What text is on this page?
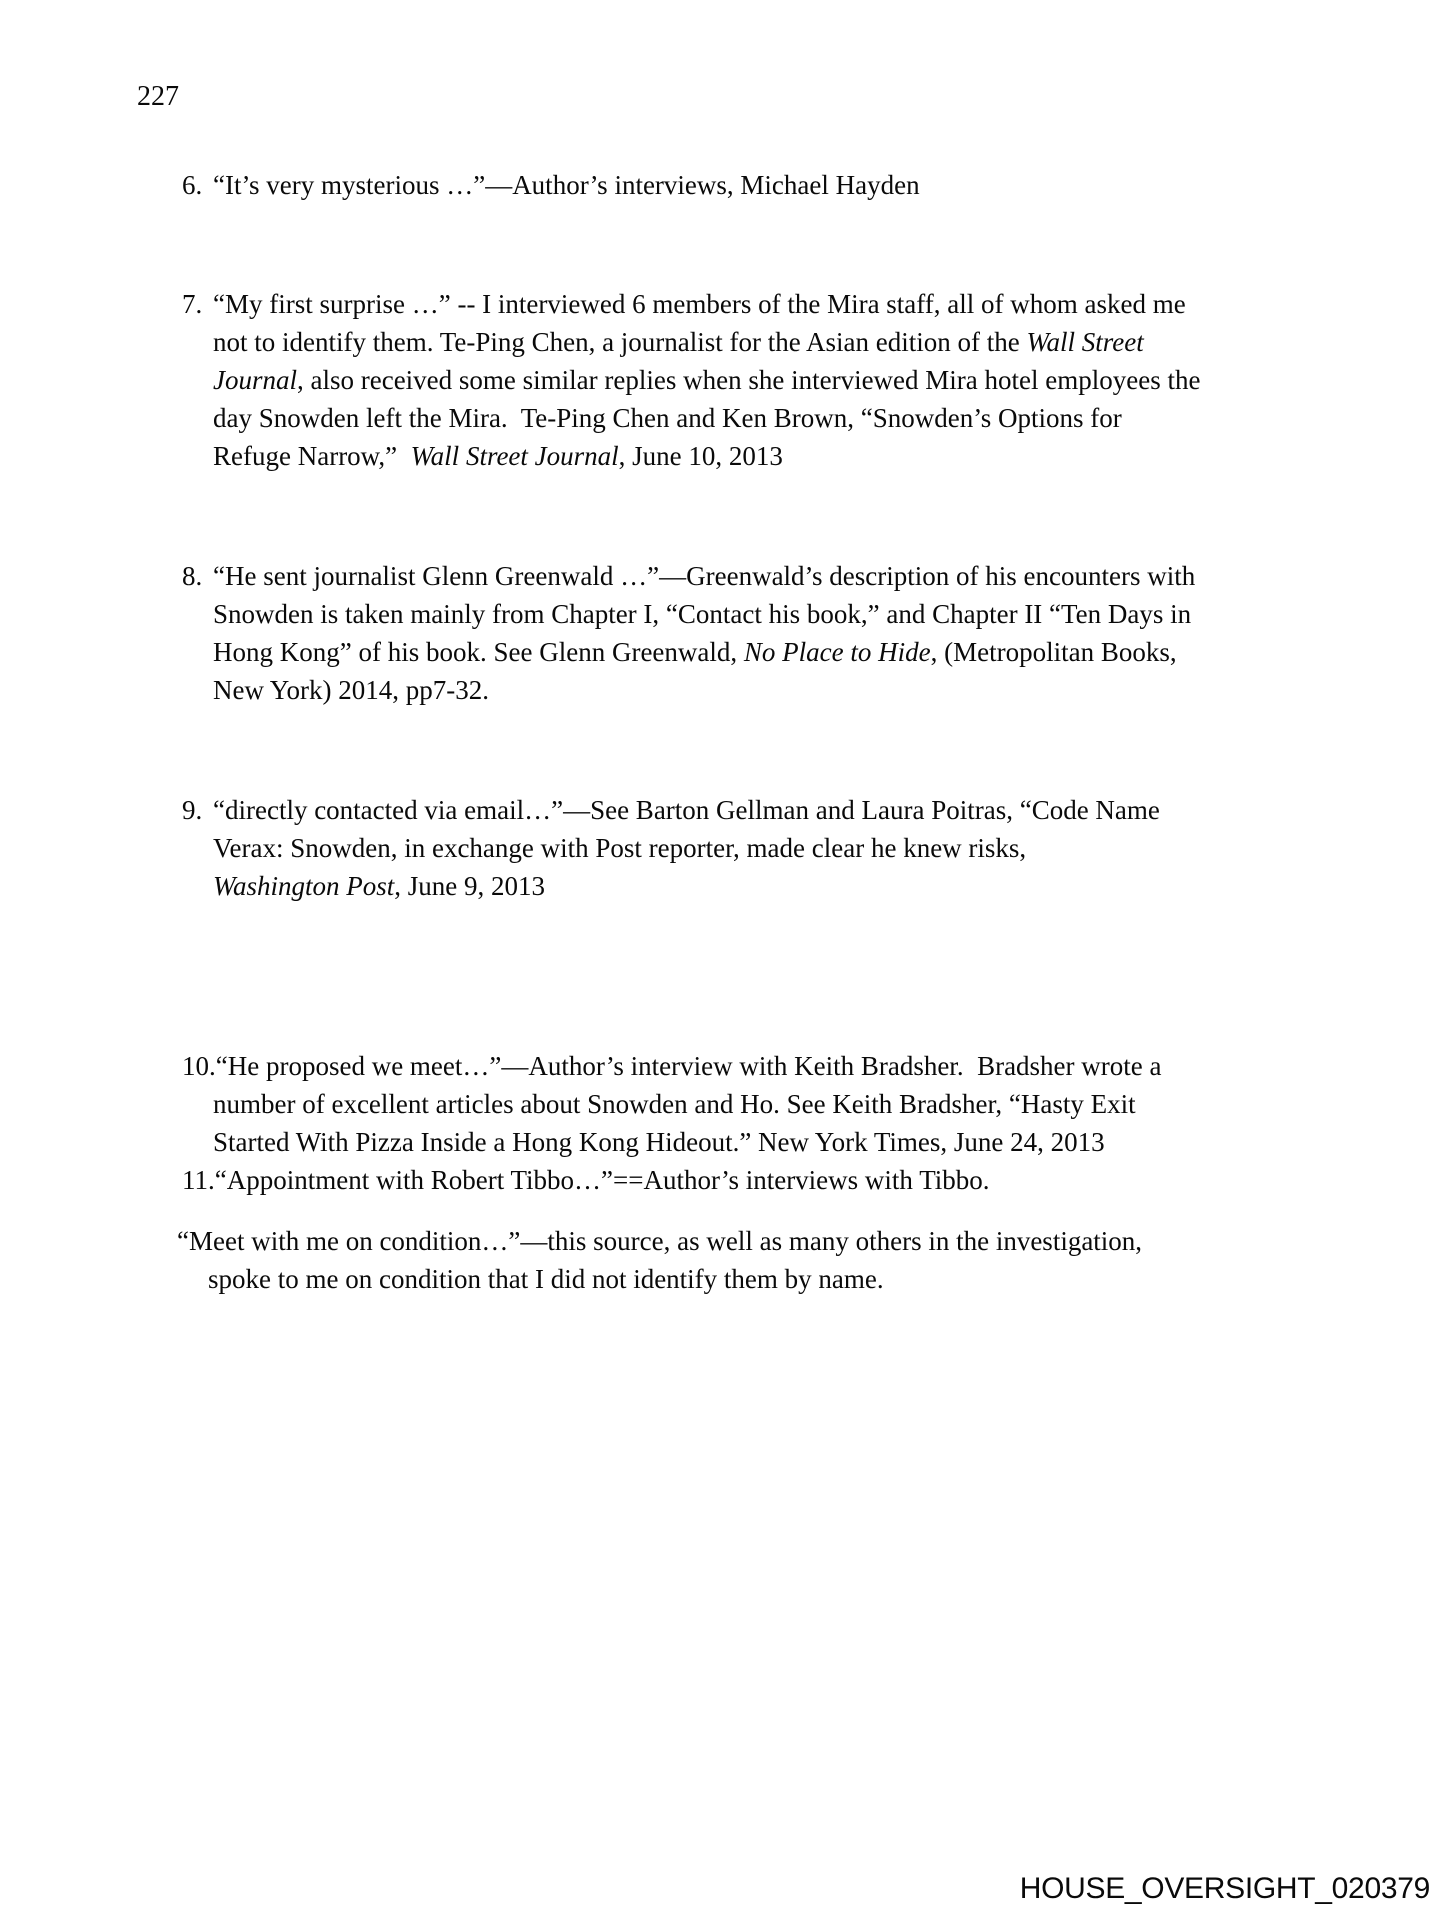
227
6. “It’s very mysterious …”—Author’s interviews, Michael Hayden
7. “My first surprise …” -- I interviewed 6 members of the Mira staff, all of whom asked me
not to identify them. Te-Ping Chen, a journalist for the Asian edition of the Wall Street
Journal, also received some similar replies when she interviewed Mira hotel employees the
day Snowden left the Mira.  Te-Ping Chen and Ken Brown, “Snowden’s Options for
Refuge Narrow,”  Wall Street Journal, June 10, 2013
8. “He sent journalist Glenn Greenwald …”—Greenwald’s description of his encounters with
Snowden is taken mainly from Chapter I, “Contact his book,” and Chapter II “Ten Days in
Hong Kong” of his book. See Glenn Greenwald, No Place to Hide, (Metropolitan Books,
New York) 2014, pp7-32.
9. “directly contacted via email…”—See Barton Gellman and Laura Poitras, “Code Name
Verax: Snowden, in exchange with Post reporter, made clear he knew risks,
Washington Post, June 9, 2013
10.“He proposed we meet…”—Author’s interview with Keith Bradsher.  Bradsher wrote a
number of excellent articles about Snowden and Ho. See Keith Bradsher, “Hasty Exit
Started With Pizza Inside a Hong Kong Hideout.” New York Times, June 24, 2013
11.“Appointment with Robert Tibbo…”==Author’s interviews with Tibbo.
“Meet with me on condition…”—this source, as well as many others in the investigation,
spoke to me on condition that I did not identify them by name.
HOUSE_OVERSIGHT_020379
